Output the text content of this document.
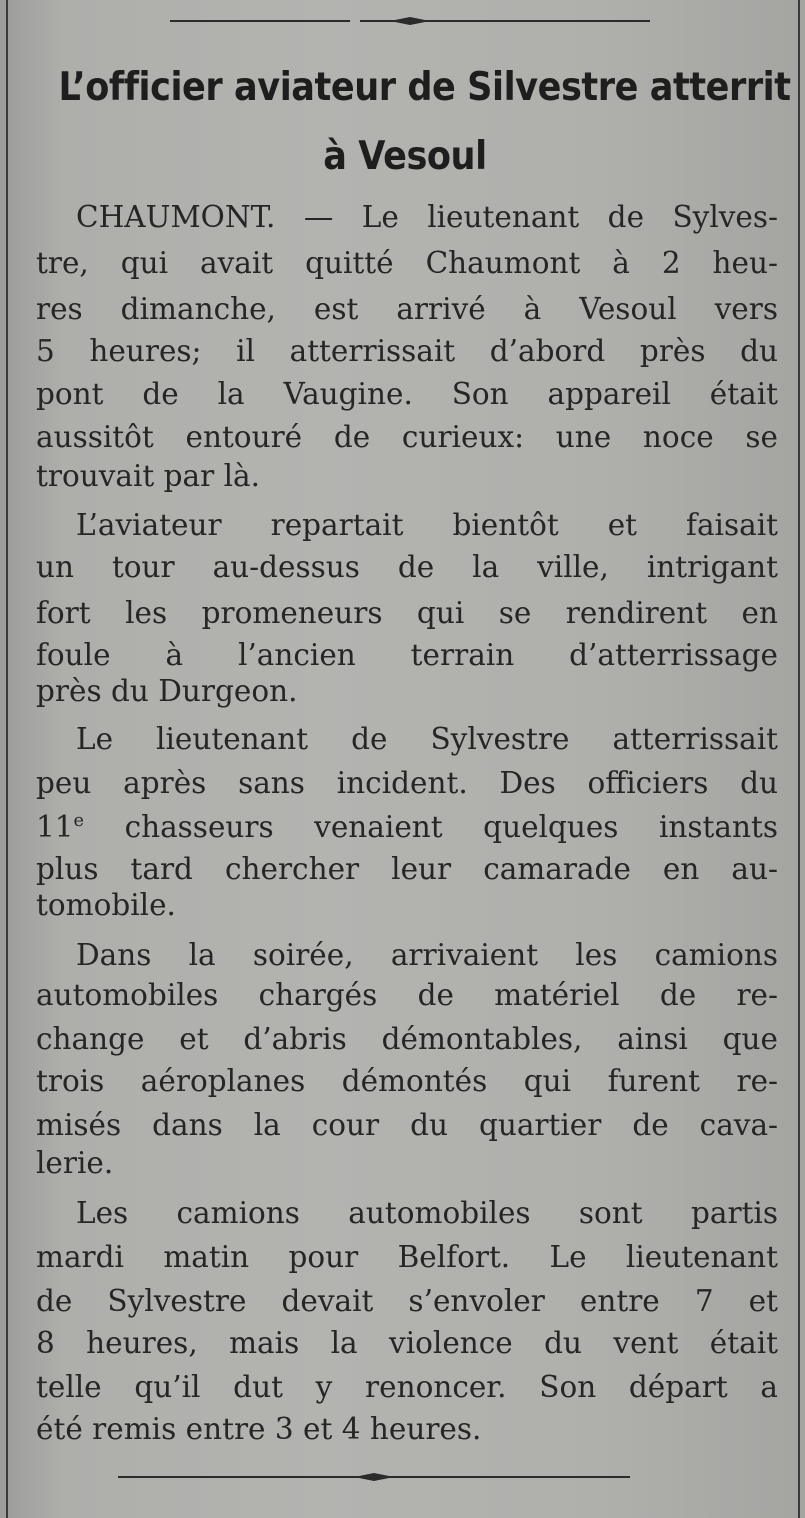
L’officier aviateur de Silvestre atterrit
à Vesoul
CHAUMONT. — Le lieutenant de Sylves-
tre, qui avait quitté Chaumont à 2 heu-
res dimanche, est arrivé à Vesoul vers
5 heures; il atterrissait d’abord près du
pont de la Vaugine. Son appareil était
aussitôt entouré de curieux: une noce se
trouvait par là.
L’aviateur repartait bientôt et faisait
un tour au-dessus de la ville, intrigant
fort les promeneurs qui se rendirent en
foule à l’ancien terrain d’atterrissage
près du Durgeon.
Le lieutenant de Sylvestre atterrissait
peu après sans incident. Des officiers du
11e chasseurs venaient quelques instants
plus tard chercher leur camarade en au-
tomobile.
Dans la soirée, arrivaient les camions
automobiles chargés de matériel de re-
change et d’abris démontables, ainsi que
trois aéroplanes démontés qui furent re-
misés dans la cour du quartier de cava-
lerie.
Les camions automobiles sont partis
mardi matin pour Belfort. Le lieutenant
de Sylvestre devait s’envoler entre 7 et
8 heures, mais la violence du vent était
telle qu’il dut y renoncer. Son départ a
été remis entre 3 et 4 heures.
